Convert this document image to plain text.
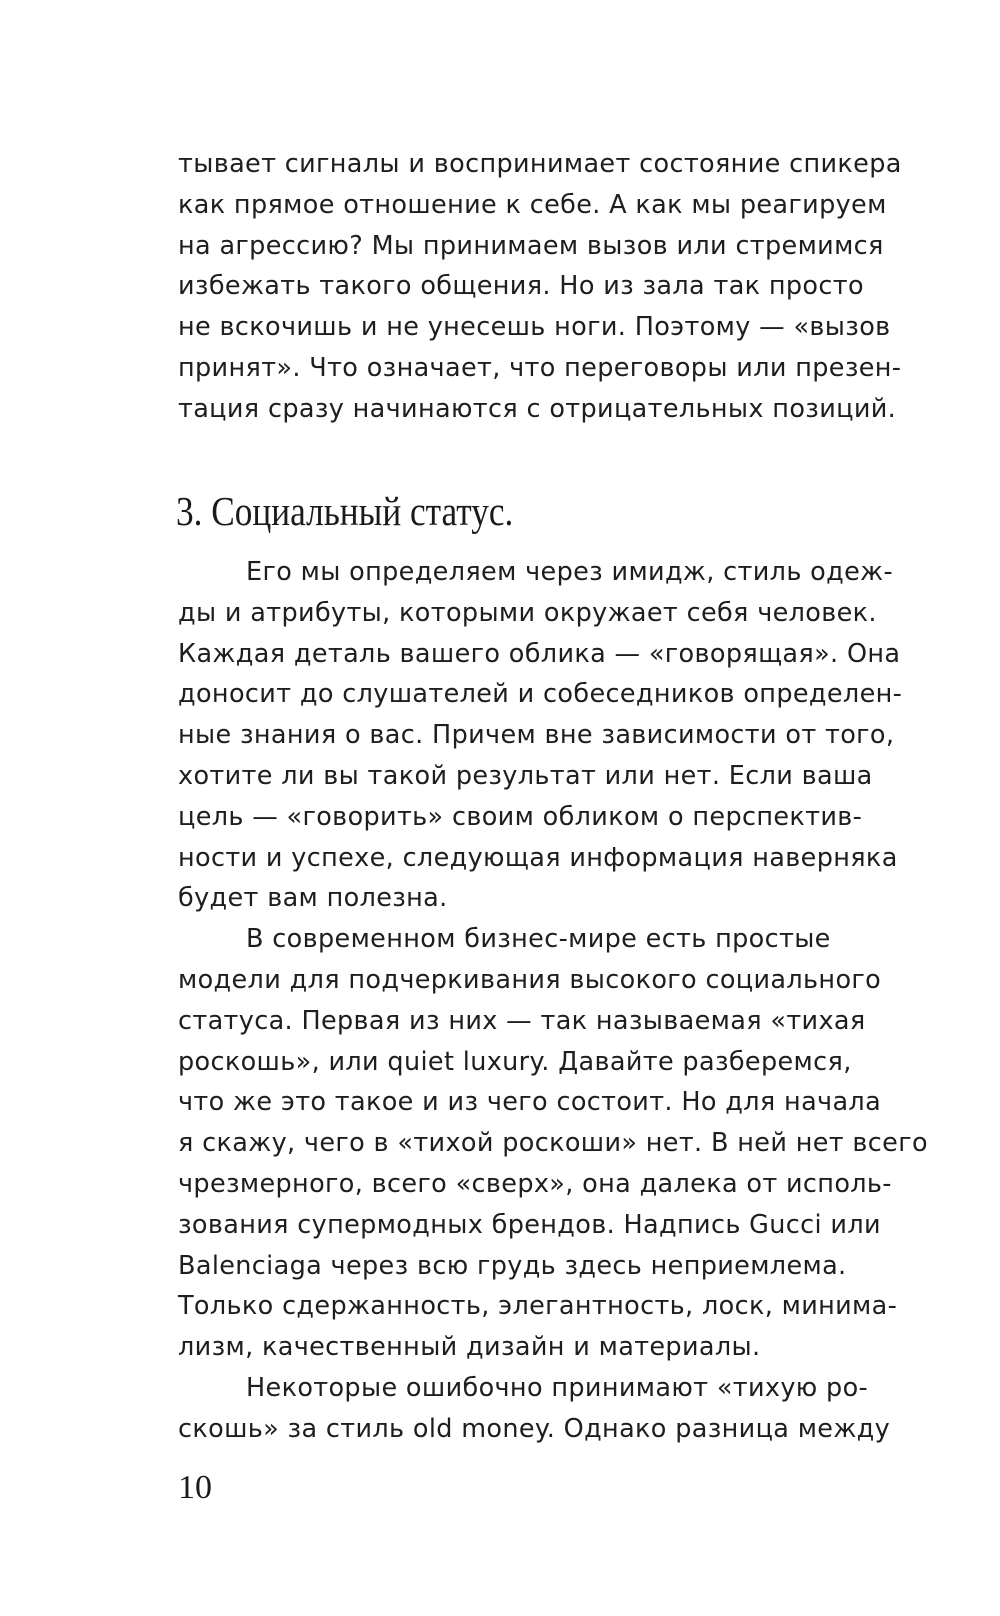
тывает сигналы и воспринимает состояние спикера
как прямое отношение к себе. А как мы реагируем
на агрессию? Мы принимаем вызов или стремимся
избежать такого общения. Но из зала так просто
не вскочишь и не унесешь ноги. Поэтому — «вызов
принят». Что означает, что переговоры или презен-
тация сразу начинаются с отрицательных позиций.
3. Социальный статус.
Его мы определяем через имидж, стиль одеж-
ды и атрибуты, которыми окружает себя человек.
Каждая деталь вашего облика — «говорящая». Она
доносит до слушателей и собеседников определен-
ные знания о вас. Причем вне зависимости от того,
хотите ли вы такой результат или нет. Если ваша
цель — «говорить» своим обликом о перспектив-
ности и успехе, следующая информация наверняка
будет вам полезна.
В современном бизнес-мире есть простые
модели для подчеркивания высокого социального
статуса. Первая из них — так называемая «тихая
роскошь», или quiet luxury. Давайте разберемся,
что же это такое и из чего состоит. Но для начала
я скажу, чего в «тихой роскоши» нет. В ней нет всего
чрезмерного, всего «сверх», она далека от исполь-
зования супермодных брендов. Надпись Gucci или
Balenciaga через всю грудь здесь неприемлема.
Только сдержанность, элегантность, лоск, минима-
лизм, качественный дизайн и материалы.
Некоторые ошибочно принимают «тихую ро-
скошь» за стиль old money. Однако разница между
10
